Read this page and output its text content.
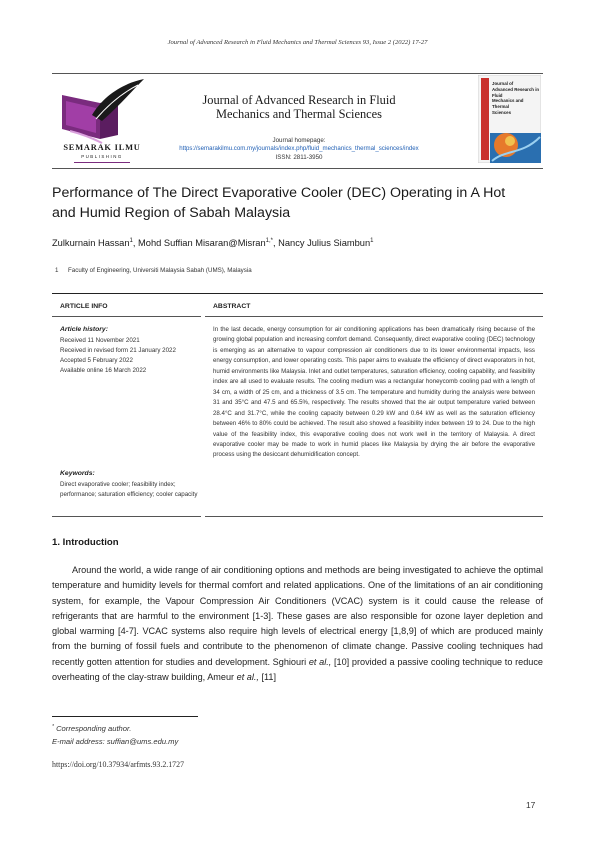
Journal of Advanced Research in Fluid Mechanics and Thermal Sciences 93, Issue 2 (2022) 17-27
SEMARAK ILMU
PUBLISHING
Journal of Advanced Research in Fluid
Mechanics and Thermal Sciences
Journal homepage:
https://semarakilmu.com.my/journals/index.php/fluid_mechanics_thermal_sciences/index
ISSN: 2811-3950
Journal of
Advanced Research in Fluid
Mechanics and Thermal
Sciences
Performance of The Direct Evaporative Cooler (DEC) Operating in A Hot
and Humid Region of Sabah Malaysia
Zulkurnain Hassan$^1$, Mohd Suffian Misaran@Misran$^{1,*}$, Nancy Julius Siambun$^1$
1 Faculty of Engineering, Universiti Malaysia Sabah (UMS), Malaysia
ARTICLE INFO	ABSTRACT
Article history:
Received 11 November 2021
Received in revised form 21 January 2022
Accepted 5 February 2022
Available online 16 March 2022
Keywords:
Direct evaporative cooler; feasibility index; performance; saturation efficiency; cooler capacity
In the last decade, energy consumption for air conditioning applications has been dramatically rising because of the growing global population and increasing comfort demand. Consequently, direct evaporative cooling (DEC) technology is emerging as an alternative to vapour compression air conditioners due to its lower environmental impacts, less energy consumption, and lower operating costs. This paper aims to evaluate the efficiency of direct evaporators in hot, humid environments like Malaysia. Inlet and outlet temperatures, saturation efficiency, cooling capability, and feasibility index are all used to evaluate results. The cooling medium was a rectangular honeycomb cooling pad with a length of 34 cm, a width of 25 cm, and a thickness of 3.5 cm. The temperature and humidity during the analysis were between 31 and 35°C and 47.5 and 65.5%, respectively. The results showed that the air output temperature varied between 28.4°C and 31.7°C, while the cooling capacity between 0.29 kW and 0.64 kW as well as the saturation efficiency between 46% to 80% could be achieved. The result also showed a feasibility index between 19 to 24. Due to the high value of the feasibility index, this evaporative cooling does not work well in the territory of Malaysia. A direct evaporative cooler may be made to work in humid places like Malaysia by drying the air before the evaporative process using the desiccant dehumidification concept.
1. Introduction
Around the world, a wide range of air conditioning options and methods are being investigated to achieve the optimal temperature and humidity levels for thermal comfort and related applications. One of the limitations of an air conditioning system, for example, the Vapour Compression Air Conditioners (VCAC) system is it could cause the release of refrigerants that are harmful to the environment [1-3]. These gases are also responsible for ozone layer depletion and global warming [4-7]. VCAC systems also require high levels of electrical energy [1,8,9] of which are produced mainly from the burning of fossil fuels and contribute to the phenomenon of climate change. Passive cooling techniques had recently gotten attention for studies and development. Sghiouri et al., [10] provided a passive cooling technique to reduce overheating of the clay-straw building, Ameur et al., [11]
* Corresponding author.
E-mail address: suffian@ums.edu.my
https://doi.org/10.37934/arfmts.93.2.1727
17
